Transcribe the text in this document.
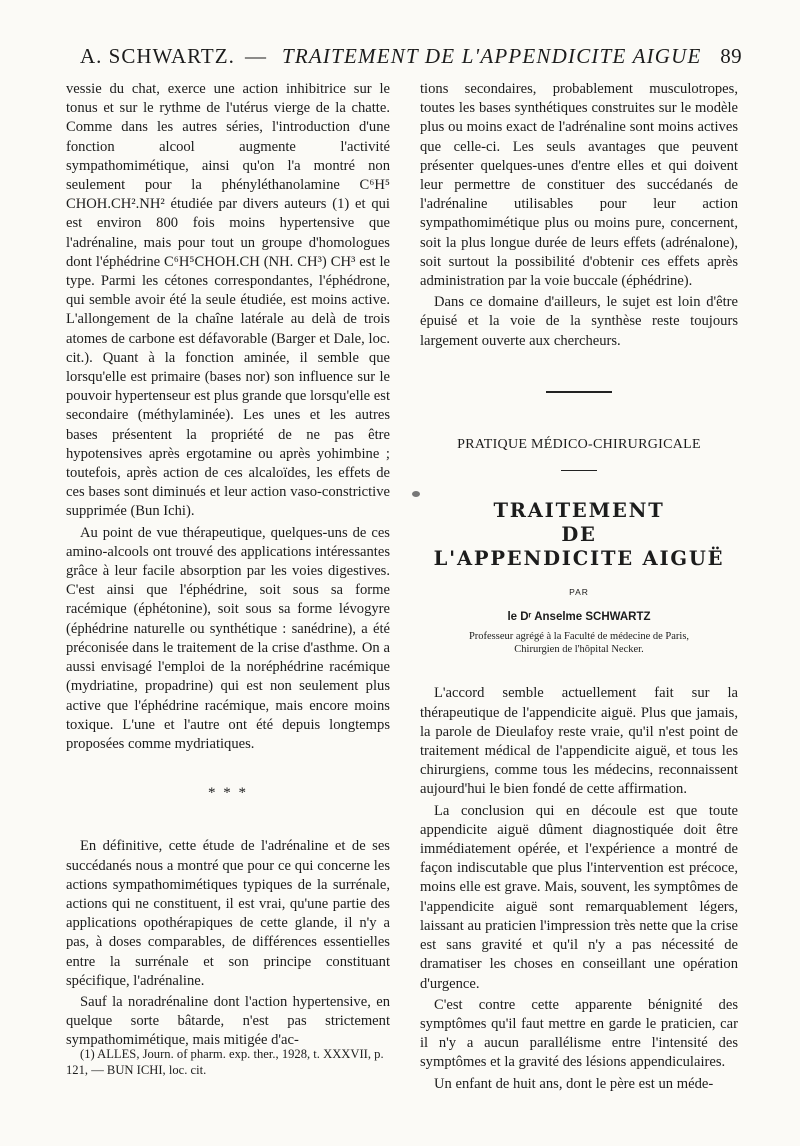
A. SCHWARTZ. — TRAITEMENT DE L'APPENDICITE AIGUE 89

vessie du chat, exerce une action inhibitrice sur le tonus et sur le rythme de l'utérus vierge de la chatte. Comme dans les autres séries, l'introduction d'une fonction alcool augmente l'activité sympathomimétique, ainsi qu'on l'a montré non seulement pour la phényléthanolamine C⁶H⁵ CHOH.CH².NH² étudiée par divers auteurs (1) et qui est environ 800 fois moins hypertensive que l'adrénaline, mais pour tout un groupe d'homologues dont l'éphédrine C⁶H⁵CHOH.CH (NH. CH³) CH³ est le type. Parmi les cétones correspondantes, l'éphédrone, qui semble avoir été la seule étudiée, est moins active. L'allongement de la chaîne latérale au delà de trois atomes de carbone est défavorable (Barger et Dale, loc. cit.). Quant à la fonction aminée, il semble que lorsqu'elle est primaire (bases nor) son influence sur le pouvoir hypertenseur est plus grande que lorsqu'elle est secondaire (méthylaminée). Les unes et les autres bases présentent la propriété de ne pas être hypotensives après ergotamine ou après yohimbine ; toutefois, après action de ces alcaloïdes, les effets de ces bases sont diminués et leur action vaso-constrictive supprimée (Bun Ichi).

Au point de vue thérapeutique, quelques-uns de ces amino-alcools ont trouvé des applications intéressantes grâce à leur facile absorption par les voies digestives. C'est ainsi que l'éphédrine, soit sous sa forme racémique (éphétonine), soit sous sa forme lévogyre (éphédrine naturelle ou synthétique : sanédrine), a été préconisée dans le traitement de la crise d'asthme. On a aussi envisagé l'emploi de la noréphédrine racémique (mydriatine, propadrine) qui est non seulement plus active que l'éphédrine racémique, mais encore moins toxique. L'une et l'autre ont été depuis longtemps proposées comme mydriatiques.

* * *

En définitive, cette étude de l'adrénaline et de ses succédanés nous a montré que pour ce qui concerne les actions sympathomimétiques typiques de la surrénale, actions qui ne constituent, il est vrai, qu'une partie des applications opothérapiques de cette glande, il n'y a pas, à doses comparables, de différences essentielles entre la surrénale et son principe constituant spécifique, l'adrénaline.

Sauf la noradrénaline dont l'action hypertensive, en quelque sorte bâtarde, n'est pas strictement sympathomimétique, mais mitigée d'ac-

(1) ALLES, Journ. of pharm. exp. ther., 1928, t. XXXVII, p. 121, — BUN ICHI, loc. cit.

tions secondaires, probablement musculotropes, toutes les bases synthétiques construites sur le modèle plus ou moins exact de l'adrénaline sont moins actives que celle-ci. Les seuls avantages que peuvent présenter quelques-unes d'entre elles et qui doivent leur permettre de constituer des succédanés de l'adrénaline utilisables pour leur action sympathomimétique plus ou moins pure, concernent, soit la plus longue durée de leurs effets (adrénalone), soit surtout la possibilité d'obtenir ces effets après administration par la voie buccale (éphédrine).

Dans ce domaine d'ailleurs, le sujet est loin d'être épuisé et la voie de la synthèse reste toujours largement ouverte aux chercheurs.

PRATIQUE MÉDICO-CHIRURGICALE
TRAITEMENT
DE
L'APPENDICITE AIGUË
PAR
le Dʳ Anselme SCHWARTZ
Professeur agrégé à la Faculté de médecine de Paris,
Chirurgien de l'hôpital Necker.

L'accord semble actuellement fait sur la thérapeutique de l'appendicite aiguë. Plus que jamais, la parole de Dieulafoy reste vraie, qu'il n'est point de traitement médical de l'appendicite aiguë, et tous les chirurgiens, comme tous les médecins, reconnaissent aujourd'hui le bien fondé de cette affirmation.

La conclusion qui en découle est que toute appendicite aiguë dûment diagnostiquée doit être immédiatement opérée, et l'expérience a montré de façon indiscutable que plus l'intervention est précoce, moins elle est grave. Mais, souvent, les symptômes de l'appendicite aiguë sont remarquablement légers, laissant au praticien l'impression très nette que la crise est sans gravité et qu'il n'y a pas nécessité de dramatiser les choses en conseillant une opération d'urgence.

C'est contre cette apparente bénignité des symptômes qu'il faut mettre en garde le praticien, car il n'y a aucun parallélisme entre l'intensité des symptômes et la gravité des lésions appendiculaires.

Un enfant de huit ans, dont le père est un méde-
